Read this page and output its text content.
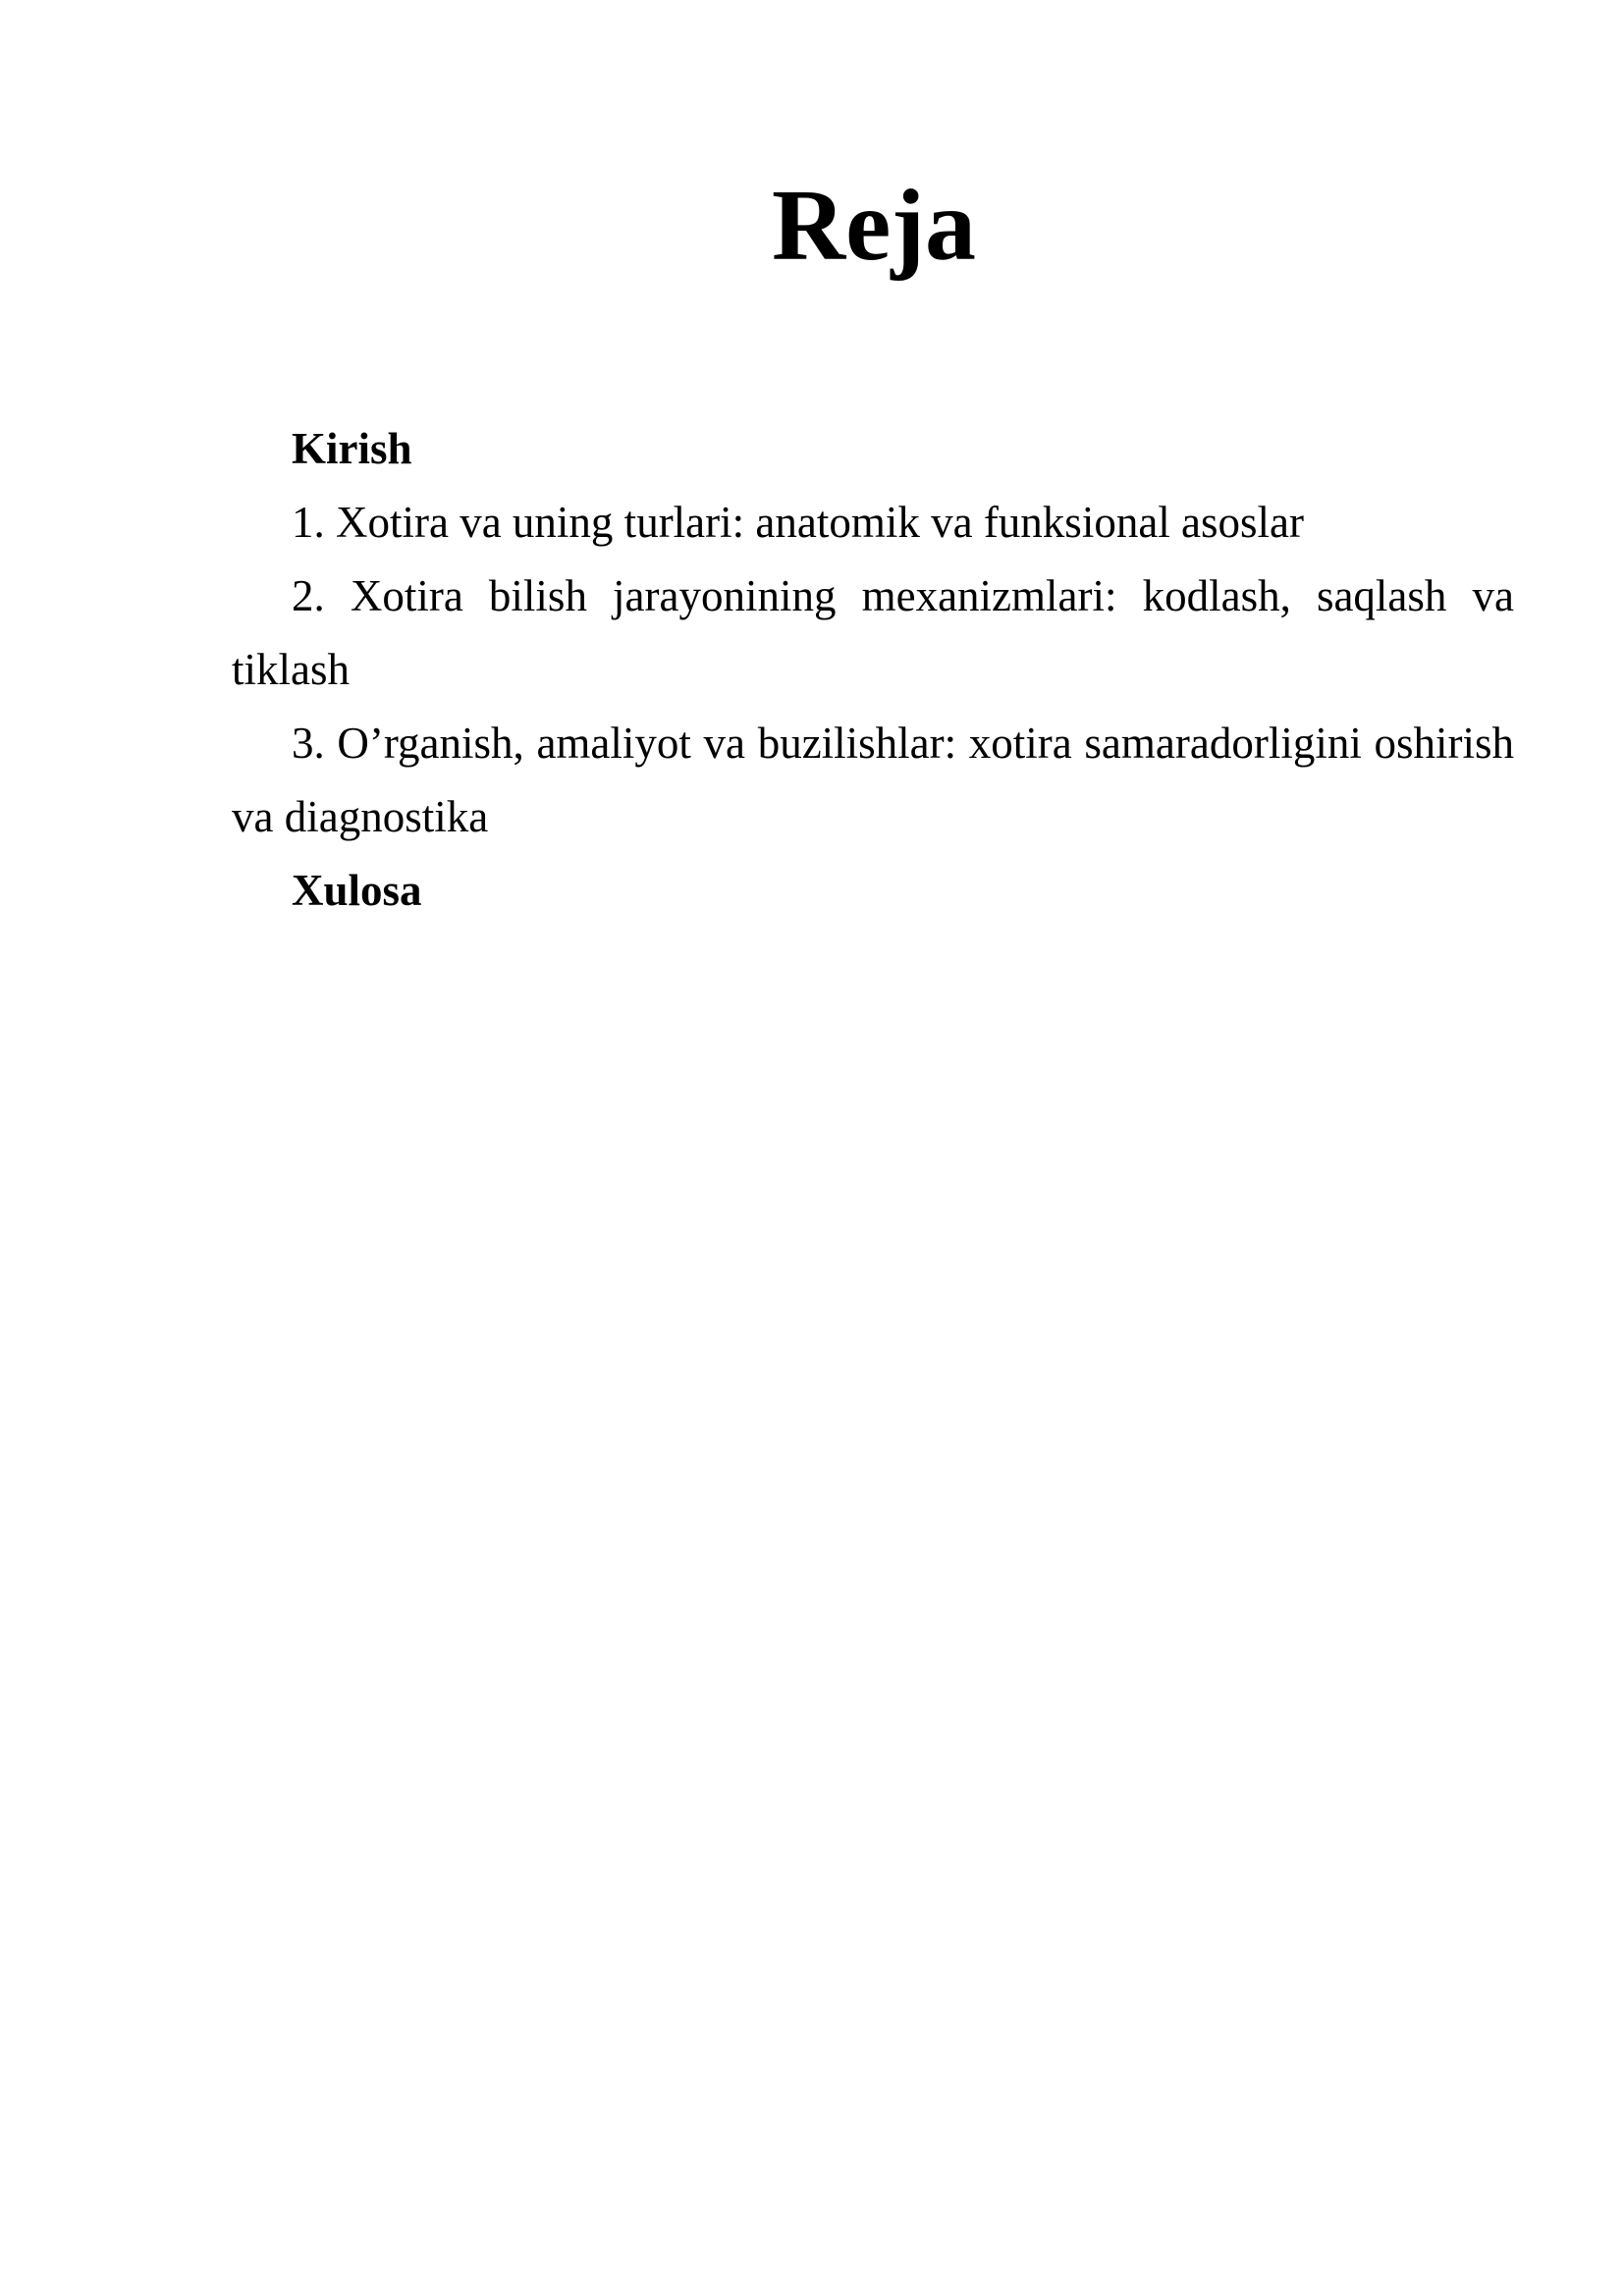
Reja

Kirish

1. Xotira va uning turlari: anatomik va funksional asoslar

2. Xotira bilish jarayonining mexanizmlari: kodlash, saqlash va tiklash

3. O’rganish, amaliyot va buzilishlar: xotira samaradorligini oshirish va diagnostika

Xulosa
